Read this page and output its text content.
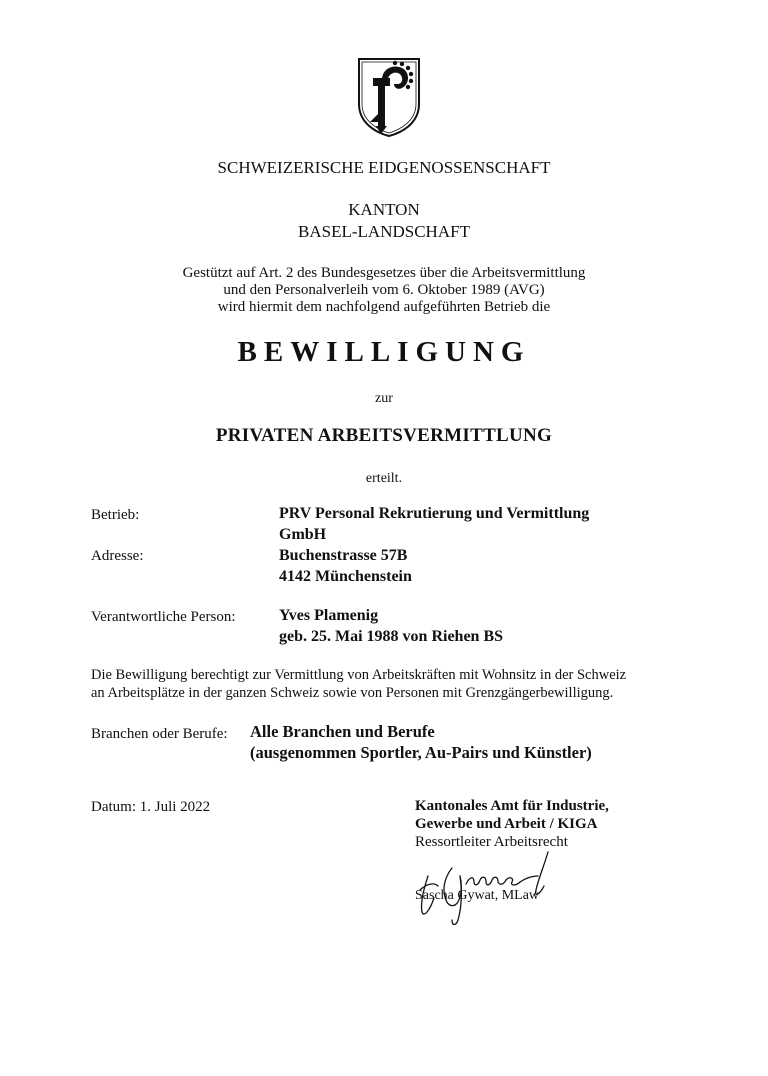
SCHWEIZERISCHE EIDGENOSSENSCHAFT
KANTON
BASEL-LANDSCHAFT
Gestützt auf Art. 2 des Bundesgesetzes über die Arbeitsvermittlung
und den Personalverleih vom 6. Oktober 1989 (AVG)
wird hiermit dem nachfolgend aufgeführten Betrieb die
BEWILLIGUNG
zur
PRIVATEN ARBEITSVERMITTLUNG
erteilt.
Betrieb:	PRV Personal Rekrutierung und Vermittlung
GmbH
Adresse:	Buchenstrasse 57B
4142 Münchenstein
Verantwortliche Person:	Yves Plamenig
geb. 25. Mai 1988 von Riehen BS
Die Bewilligung berechtigt zur Vermittlung von Arbeitskräften mit Wohnsitz in der Schweiz
an Arbeitsplätze in der ganzen Schweiz sowie von Personen mit Grenzgängerbewilligung.
Branchen oder Berufe: Alle Branchen und Berufe
(ausgenommen Sportler, Au-Pairs und Künstler)
Datum: 1. Juli 2022	Kantonales Amt für Industrie,
Gewerbe und Arbeit / KIGA
Ressortleiter Arbeitsrecht
Sascha Gywat, MLaw
